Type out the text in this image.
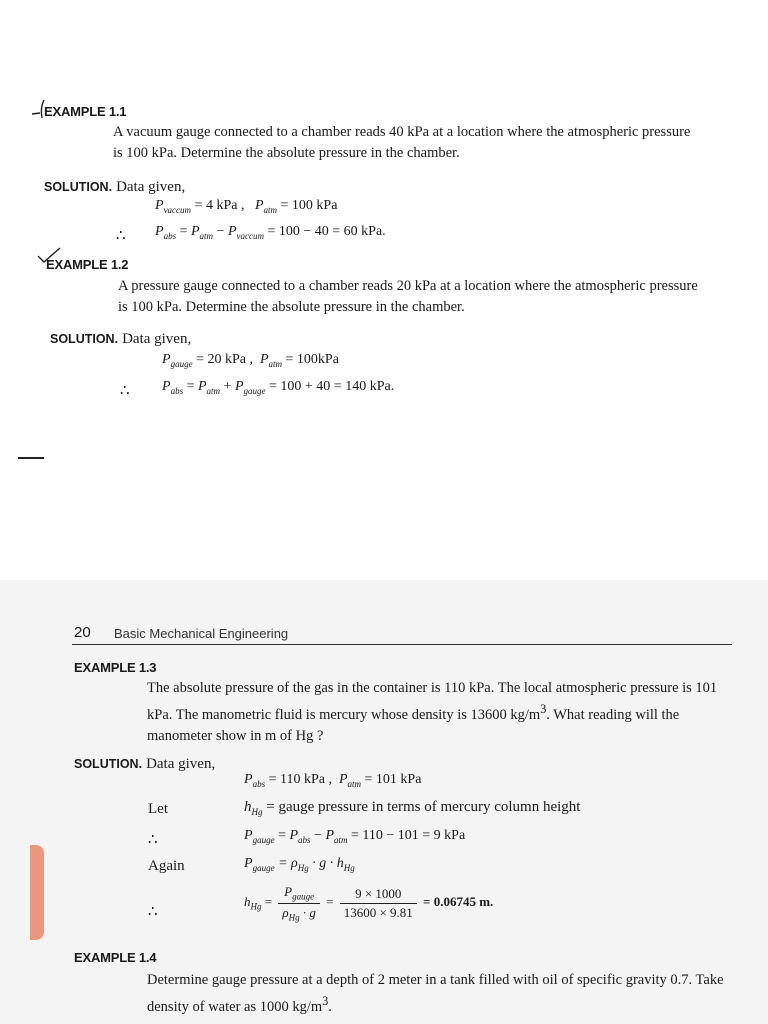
EXAMPLE 1.1
A vacuum gauge connected to a chamber reads 40 kPa at a location where the atmospheric pressure is 100 kPa. Determine the absolute pressure in the chamber.
SOLUTION. Data given,
$P_{vaccum} = 4$ kPa , $P_{atm} = 100$ kPa
∴ $P_{abs} = P_{atm} - P_{vaccum} = 100 - 40 = 60$ kPa.
EXAMPLE 1.2
A pressure gauge connected to a chamber reads 20 kPa at a location where the atmospheric pressure is 100 kPa. Determine the absolute pressure in the chamber.
SOLUTION. Data given,
$P_{gauge} = 20$ kPa , $P_{atm} = 100kPa$
∴ $P_{abs} = P_{atm} + P_{gauge} = 100 + 40 = 140$ kPa.
20 Basic Mechanical Engineering
EXAMPLE 1.3
The absolute pressure of the gas in the container is 110 kPa. The local atmospheric pressure is 101 kPa. The manometric fluid is mercury whose density is 13600 $kg/m^3$. What reading will the manometer show in m of Hg ?
SOLUTION. Data given,
$P_{abs} = 110$ kPa , $P_{atm} = 101$ kPa
Let	$h_{Hg}$ = gauge pressure in terms of mercury column height
∴	$P_{gauge} = P_{abs} - P_{atm} = 110 - 101 = 9$ kPa
Again	$P_{gauge} = \rho_{Hg} \cdot g \cdot h_{Hg}$
∴
$h_{Hg} = \frac{P_{gauge}}{\rho_{Hg} \cdot g} = \frac{9 \times 1000}{13600 \times 9.81} = 0.06745$ m.
EXAMPLE 1.4
Determine gauge pressure at a depth of 2 meter in a tank filled with oil of specific gravity 0.7. Take density of water as 1000 $kg/m^3$.
